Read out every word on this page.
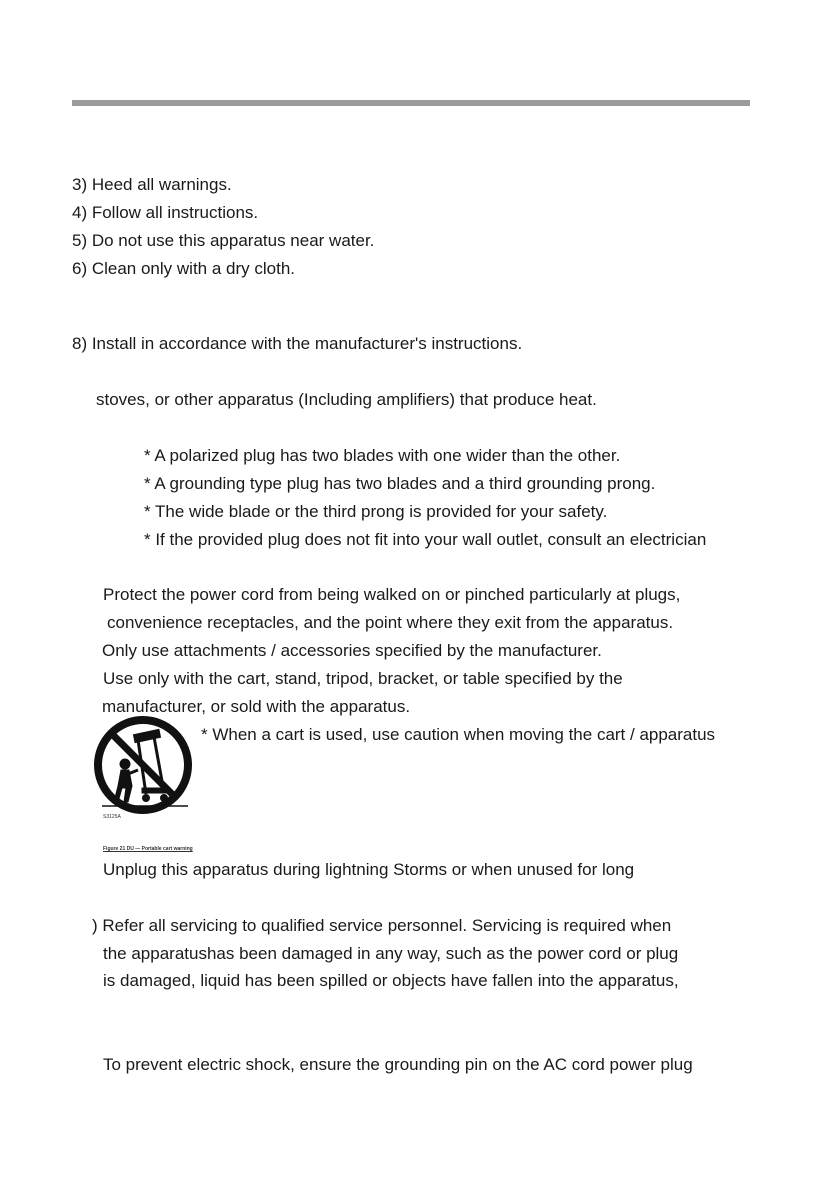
3) Heed all warnings.
4) Follow all instructions.
5) Do not use this apparatus near water.
6) Clean only with a dry cloth.
8) Install in accordance with the manufacturer's instructions.
stoves, or other apparatus (Including amplifiers) that produce heat.
* A polarized plug has two blades with one wider than the other.
* A grounding type plug has two blades and a third grounding prong.
* The wide blade or the third prong is provided for your safety.
* If the provided plug does not fit into your wall outlet, consult an electrician
Protect the power cord from being walked on or pinched particularly at plugs,
convenience receptacles, and the point where they exit from the apparatus.
Only use attachments / accessories specified by the manufacturer.
Use only with the cart, stand, tripod, bracket, or table specified by the
manufacturer, or sold with the apparatus.
* When a cart is used, use caution when moving the cart / apparatus
S3125A
Figure 21 DU — Portable cart warning
Unplug this apparatus during lightning Storms or when unused for long
) Refer all servicing to qualified service personnel. Servicing is required when
the apparatushas been damaged in any way, such as the power cord or plug
is damaged, liquid has been spilled or objects have fallen into the apparatus,
To prevent electric shock, ensure the grounding pin on the AC cord power plug
